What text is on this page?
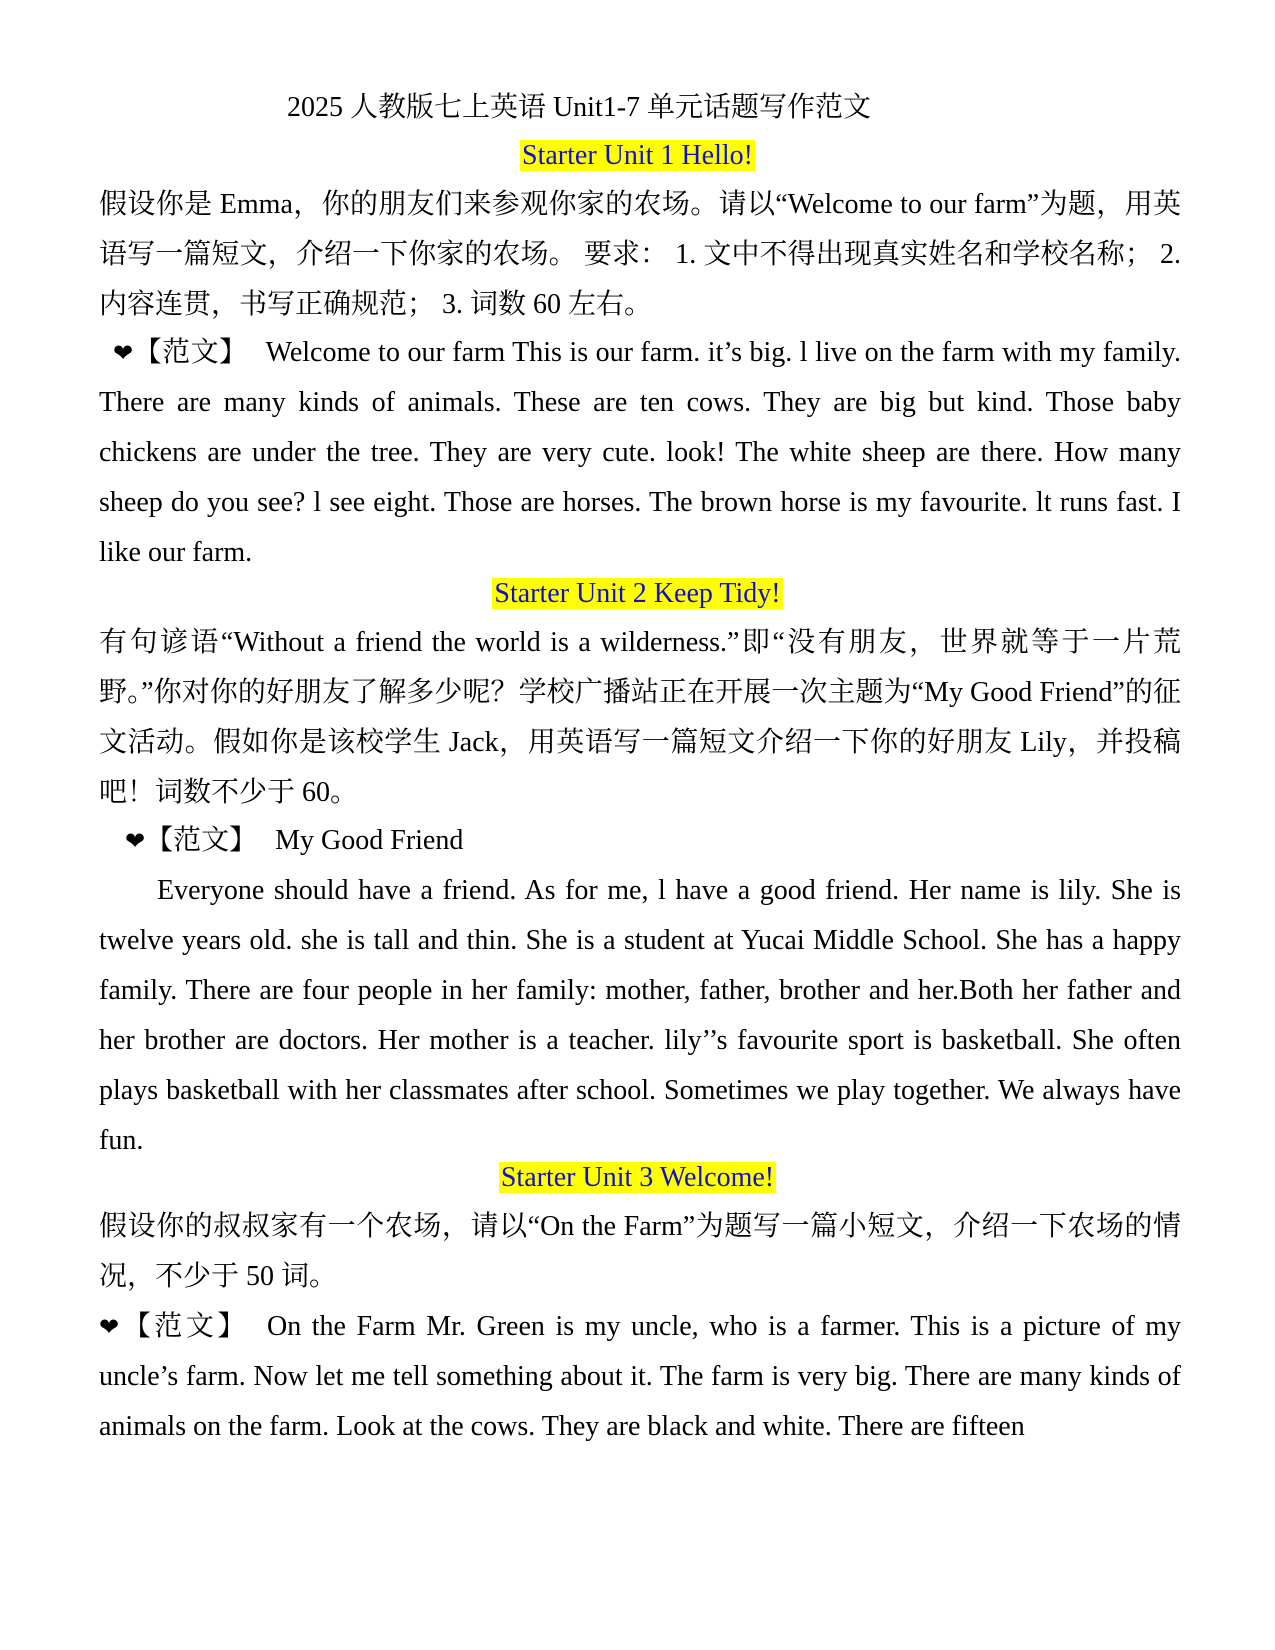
2025 人教版七上英语 Unit1-7 单元话题写作范文
Starter Unit 1 Hello!
假设你是 Emma，你的朋友们来参观你家的农场。请以“Welcome to our farm”为题，用英语写一篇短文，介绍一下你家的农场。 要求： 1. 文中不得出现真实姓名和学校名称； 2. 内容连贯，书写正确规范； 3. 词数 60 左右。
❤【范文】 Welcome to our farm This is our farm. it’s big. l live on the farm with my family. There are many kinds of animals. These are ten cows. They are big but kind. Those baby chickens are under the tree. They are very cute. look! The white sheep are there. How many sheep do you see? l see eight. Those are horses. The brown horse is my favourite. lt runs fast. I like our farm.
Starter Unit 2 Keep Tidy!
有句谚语“Without a friend the world is a wilderness.”即“没有朋友，世界就等于一片荒野。”你对你的好朋友了解多少呢？学校广播站正在开展一次主题为“My Good Friend”的征文活动。假如你是该校学生 Jack，用英语写一篇短文介绍一下你的好朋友 Lily，并投稿吧！词数不少于 60。
❤【范文】 My Good Friend
Everyone should have a friend. As for me, l have a good friend. Her name is lily. She is twelve years old. she is tall and thin. She is a student at Yucai Middle School. She has a happy family. There are four people in her family: mother, father, brother and her.Both her father and her brother are doctors. Her mother is a teacher. lily’’s favourite sport is basketball. She often plays basketball with her classmates after school. Sometimes we play together. We always have fun.
Starter Unit 3 Welcome!
假设你的叔叔家有一个农场，请以“On the Farm”为题写一篇小短文，介绍一下农场的情况，不少于 50 词。
❤【范文】 On the Farm Mr. Green is my uncle, who is a farmer. This is a picture of my uncle’s farm. Now let me tell something about it. The farm is very big. There are many kinds of animals on the farm. Look at the cows. They are black and white. There are fifteen
